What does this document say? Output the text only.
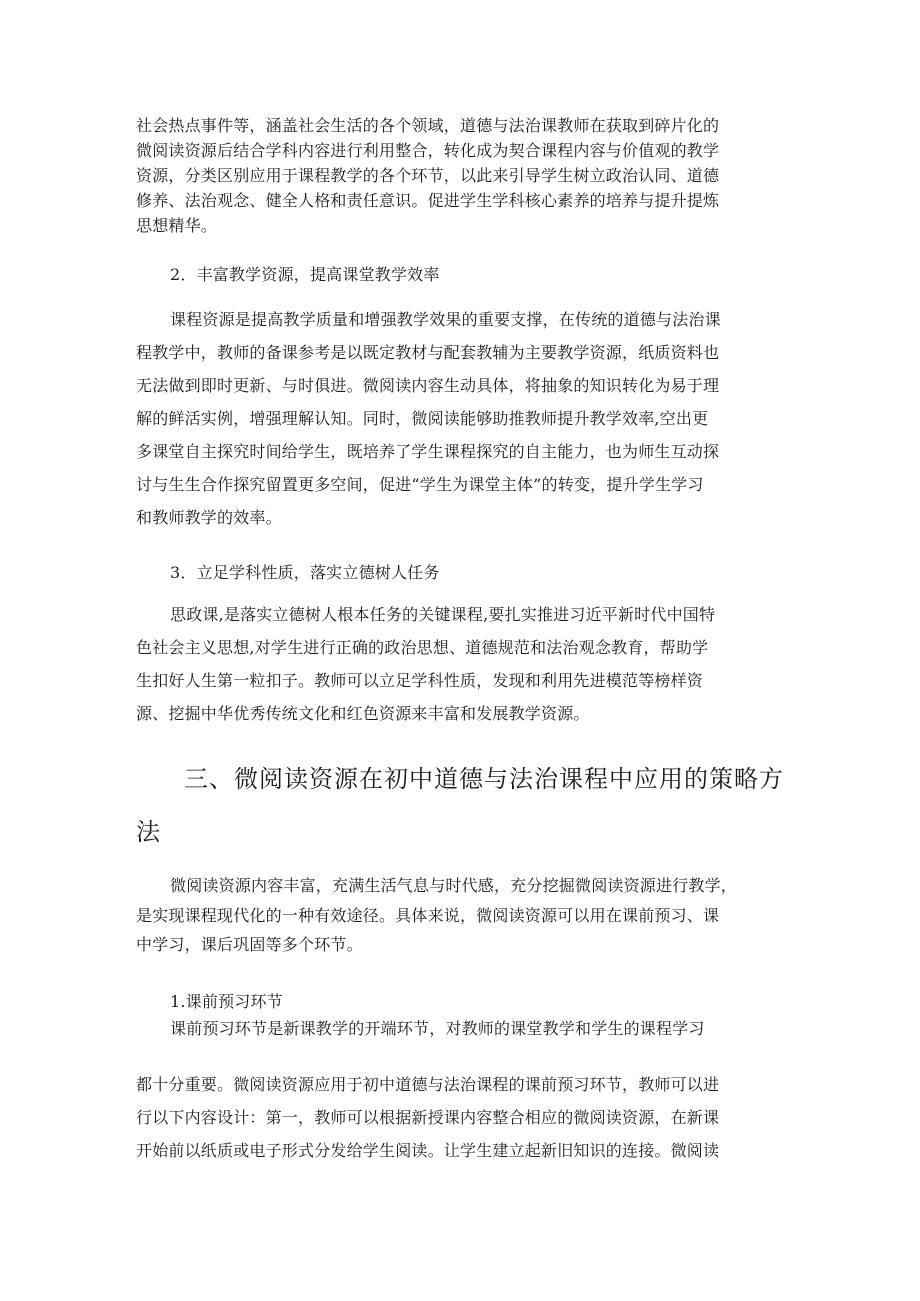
社会热点事件等，涵盖社会生活的各个领域，道德与法治课教师在获取到碎片化的
微阅读资源后结合学科内容进行利用整合，转化成为契合课程内容与价值观的教学
资源，分类区别应用于课程教学的各个环节，以此来引导学生树立政治认同、道德
修养、法治观念、健全人格和责任意识。促进学生学科核心素养的培养与提升提炼
思想精华。
2．丰富教学资源，提高课堂教学效率
课程资源是提高教学质量和增强教学效果的重要支撑，在传统的道德与法治课
程教学中，教师的备课参考是以既定教材与配套教辅为主要教学资源，纸质资料也
无法做到即时更新、与时俱进。微阅读内容生动具体，将抽象的知识转化为易于理
解的鲜活实例，增强理解认知。同时，微阅读能够助推教师提升教学效率,空出更
多课堂自主探究时间给学生，既培养了学生课程探究的自主能力，也为师生互动探
讨与生生合作探究留置更多空间，促进“学生为课堂主体”的转变，提升学生学习
和教师教学的效率。
3．立足学科性质，落实立德树人任务
思政课,是落实立德树人根本任务的关键课程,要扎实推进习近平新时代中国特
色社会主义思想,对学生进行正确的政治思想、道德规范和法治观念教育，帮助学
生扣好人生第一粒扣子。教师可以立足学科性质，发现和利用先进模范等榜样资
源、挖掘中华优秀传统文化和红色资源来丰富和发展教学资源。
三、微阅读资源在初中道德与法治课程中应用的策略方
法
微阅读资源内容丰富，充满生活气息与时代感，充分挖掘微阅读资源进行教学，
是实现课程现代化的一种有效途径。具体来说，微阅读资源可以用在课前预习、课
中学习，课后巩固等多个环节。
1.课前预习环节
课前预习环节是新课教学的开端环节，对教师的课堂教学和学生的课程学习
都十分重要。微阅读资源应用于初中道德与法治课程的课前预习环节，教师可以进
行以下内容设计：第一，教师可以根据新授课内容整合相应的微阅读资源，在新课
开始前以纸质或电子形式分发给学生阅读。让学生建立起新旧知识的连接。微阅读
